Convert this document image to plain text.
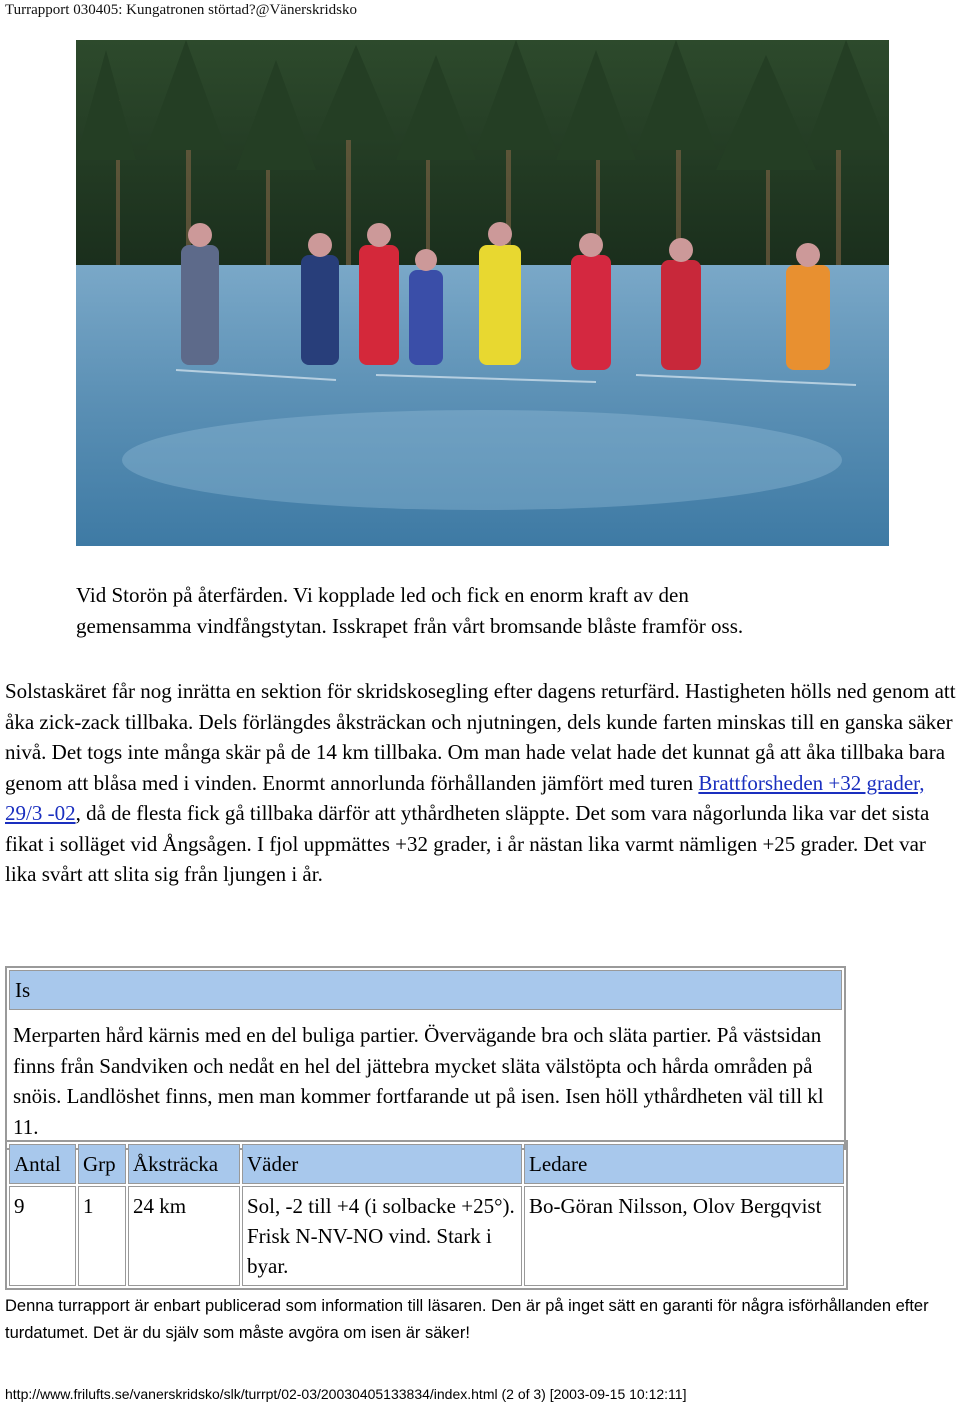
Turrapport 030405: Kungatronen störtad?@Vänerskridsko
Vid Storön på återfärden. Vi kopplade led och fick en enorm kraft av den
gemensamma vindfångstytan. Isskrapet från vårt bromsande blåste framför oss.
Solstaskäret får nog inrätta en sektion för skridskosegling efter dagens returfärd. Hastigheten hölls ned genom att åka zick-zack tillbaka. Dels förlängdes åksträckan och njutningen, dels kunde farten minskas till en ganska säker nivå. Det togs inte många skär på de 14 km tillbaka. Om man hade velat hade det kunnat gå att åka tillbaka bara genom att blåsa med i vinden. Enormt annorlunda förhållanden jämfört med turen Brattforsheden +32 grader, 29/3 -02, då de flesta fick gå tillbaka därför att ythårdheten släppte. Det som vara någorlunda lika var det sista fikat i solläget vid Ångsågen. I fjol uppmättes +32 grader, i år nästan lika varmt nämligen +25 grader. Det var lika svårt att slita sig från ljungen i år.
Is
Merparten hård kärnis med en del buliga partier. Övervägande bra och släta partier. På västsidan finns från Sandviken och nedåt en hel del jättebra mycket släta välstöpta och hårda områden på snöis. Landlöshet finns, men man kommer fortfarande ut på isen. Isen höll ythårdheten väl till kl 11.
Antal	Grp	Åksträcka	Väder	Ledare
9	1	24 km	Sol, -2 till +4 (i solbacke +25°). Frisk N-NV-NO vind. Stark i byar.	Bo-Göran Nilsson, Olov Bergqvist
Denna turrapport är enbart publicerad som information till läsaren. Den är på inget sätt en garanti för några isförhållanden efter turdatumet. Det är du själv som måste avgöra om isen är säker!
http://www.frilufts.se/vanerskridsko/slk/turrpt/02-03/20030405133834/index.html (2 of 3) [2003-09-15 10:12:11]
